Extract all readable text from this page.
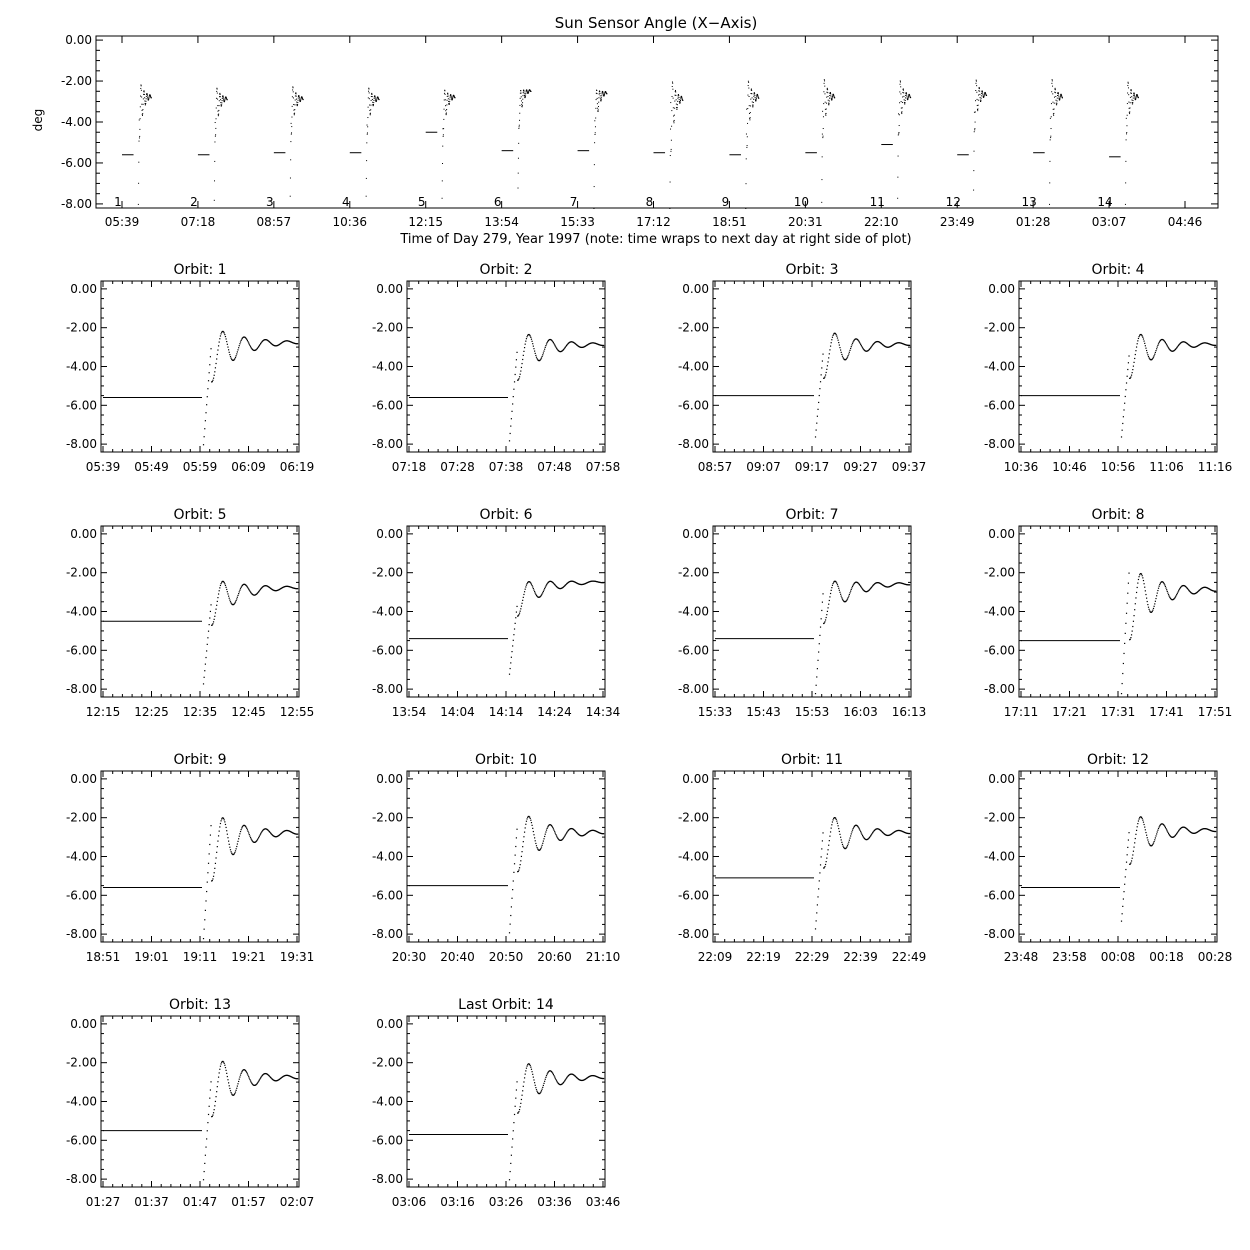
Sun Sensor Angle (X−Axis)
deg
Time of Day 279, Year 1997 (note: time wraps to next day at right side of plot)
0.00
-2.00
-4.00
-6.00
-8.00
05:39	07:18	08:57	10:36	12:15	13:54	15:33	17:12	18:51	20:31	22:10	23:49	01:28	03:07	04:46
1	2	3	4	5	6	7	8	9	10	11	12	13	14
Orbit: 1
0.00
-2.00
-4.00
-6.00
-8.00
05:39 05:49 05:59 06:09 06:19
Orbit: 2
0.00
-2.00
-4.00
-6.00
-8.00
07:18 07:28 07:38 07:48 07:58
Orbit: 3
0.00
-2.00
-4.00
-6.00
-8.00
08:57 09:07 09:17 09:27 09:37
Orbit: 4
0.00
-2.00
-4.00
-6.00
-8.00
10:36 10:46 10:56 11:06 11:16
Orbit: 5
0.00
-2.00
-4.00
-6.00
-8.00
12:15 12:25 12:35 12:45 12:55
Orbit: 6
0.00
-2.00
-4.00
-6.00
-8.00
13:54 14:04 14:14 14:24 14:34
Orbit: 7
0.00
-2.00
-4.00
-6.00
-8.00
15:33 15:43 15:53 16:03 16:13
Orbit: 8
0.00
-2.00
-4.00
-6.00
-8.00
17:11 17:21 17:31 17:41 17:51
Orbit: 9
0.00
-2.00
-4.00
-6.00
-8.00
18:51 19:01 19:11 19:21 19:31
Orbit: 10
0.00
-2.00
-4.00
-6.00
-8.00
20:30 20:40 20:50 20:60 21:10
Orbit: 11
0.00
-2.00
-4.00
-6.00
-8.00
22:09 22:19 22:29 22:39 22:49
Orbit: 12
0.00
-2.00
-4.00
-6.00
-8.00
23:48 23:58 00:08 00:18 00:28
Orbit: 13
0.00
-2.00
-4.00
-6.00
-8.00
01:27 01:37 01:47 01:57 02:07
Last Orbit: 14
0.00
-2.00
-4.00
-6.00
-8.00
03:06 03:16 03:26 03:36 03:46
